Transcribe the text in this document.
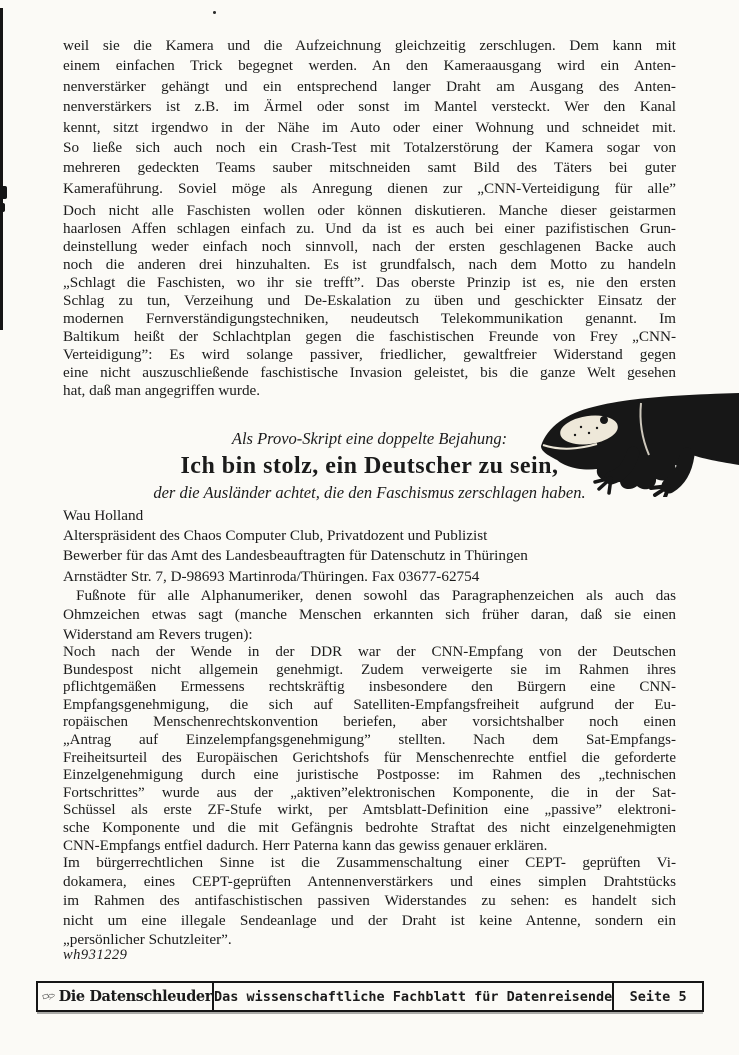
weil sie die Kamera und die Aufzeichnung gleichzeitig zerschlugen. Dem kann mit
einem einfachen Trick begegnet werden. An den Kameraausgang wird ein Anten-
nenverstärker gehängt und ein entsprechend langer Draht am Ausgang des Anten-
nenverstärkers ist z.B. im Ärmel oder sonst im Mantel versteckt. Wer den Kanal
kennt, sitzt irgendwo in der Nähe im Auto oder einer Wohnung und schneidet mit.
So ließe sich auch noch ein Crash-Test mit Totalzerstörung der Kamera sogar von
mehreren gedeckten Teams sauber mitschneiden samt Bild des Täters bei guter
Kameraführung. Soviel möge als Anregung dienen zur „CNN-Verteidigung für alle”
Doch nicht alle Faschisten wollen oder können diskutieren. Manche dieser geistarmen
haarlosen Affen schlagen einfach zu. Und da ist es auch bei einer pazifistischen Grun-
deinstellung weder einfach noch sinnvoll, nach der ersten geschlagenen Backe auch
noch die anderen drei hinzuhalten. Es ist grundfalsch, nach dem Motto zu handeln
„Schlagt die Faschisten, wo ihr sie trefft”. Das oberste Prinzip ist es, nie den ersten
Schlag zu tun, Verzeihung und De-Eskalation zu üben und geschickter Einsatz der
modernen Fernverständigungstechniken, neudeutsch Telekommunikation genannt. Im
Baltikum heißt der Schlachtplan gegen die faschistischen Freunde von Frey „CNN-
Verteidigung”: Es wird solange passiver, friedlicher, gewaltfreier Widerstand gegen
eine nicht auszuschließende faschistische Invasion geleistet, bis die ganze Welt gesehen
hat, daß man angegriffen wurde.
Als Provo-Skript eine doppelte Bejahung:
Ich bin stolz, ein Deutscher zu sein,
der die Ausländer achtet, die den Faschismus zerschlagen haben.
Wau Holland
Alterspräsident des Chaos Computer Club, Privatdozent und Publizist
Bewerber für das Amt des Landesbeauftragten für Datenschutz in Thüringen
Arnstädter Str. 7, D-98693 Martinroda/Thüringen. Fax 03677-62754
Fußnote für alle Alphanumeriker, denen sowohl das Paragraphenzeichen als auch das
Ohmzeichen etwas sagt (manche Menschen erkannten sich früher daran, daß sie einen
Widerstand am Revers trugen):
Noch nach der Wende in der DDR war der CNN-Empfang von der Deutschen
Bundespost nicht allgemein genehmigt. Zudem verweigerte sie im Rahmen ihres
pflichtgemäßen Ermessens rechtskräftig insbesondere den Bürgern eine CNN-
Empfangsgenehmigung, die sich auf Satelliten-Empfangsfreiheit aufgrund der Eu-
ropäischen Menschenrechtskonvention beriefen, aber vorsichtshalber noch einen
„Antrag auf Einzelempfangsgenehmigung” stellten. Nach dem Sat-Empfangs-
Freiheitsurteil des Europäischen Gerichtshofs für Menschenrechte entfiel die geforderte
Einzelgenehmigung durch eine juristische Postposse: im Rahmen des „technischen
Fortschrittes” wurde aus der „aktiven”elektronischen Komponente, die in der Sat-
Schüssel als erste ZF-Stufe wirkt, per Amtsblatt-Definition eine „passive” elektroni-
sche Komponente und die mit Gefängnis bedrohte Straftat des nicht einzelgenehmigten
CNN-Empfangs entfiel dadurch. Herr Paterna kann das gewiss genauer erklären.
Im bürgerrechtlichen Sinne ist die Zusammenschaltung einer CEPT- geprüften Vi-
dokamera, eines CEPT-geprüften Antennenverstärkers und eines simplen Drahtstücks
im Rahmen des antifaschistischen passiven Widerstandes zu sehen: es handelt sich
nicht um eine illegale Sendeanlage und der Draht ist keine Antenne, sondern ein
„persönlicher Schutzleiter”.
wh931229
Die Datenschleuder Das wissenschaftliche Fachblatt für Datenreisende Seite 5
